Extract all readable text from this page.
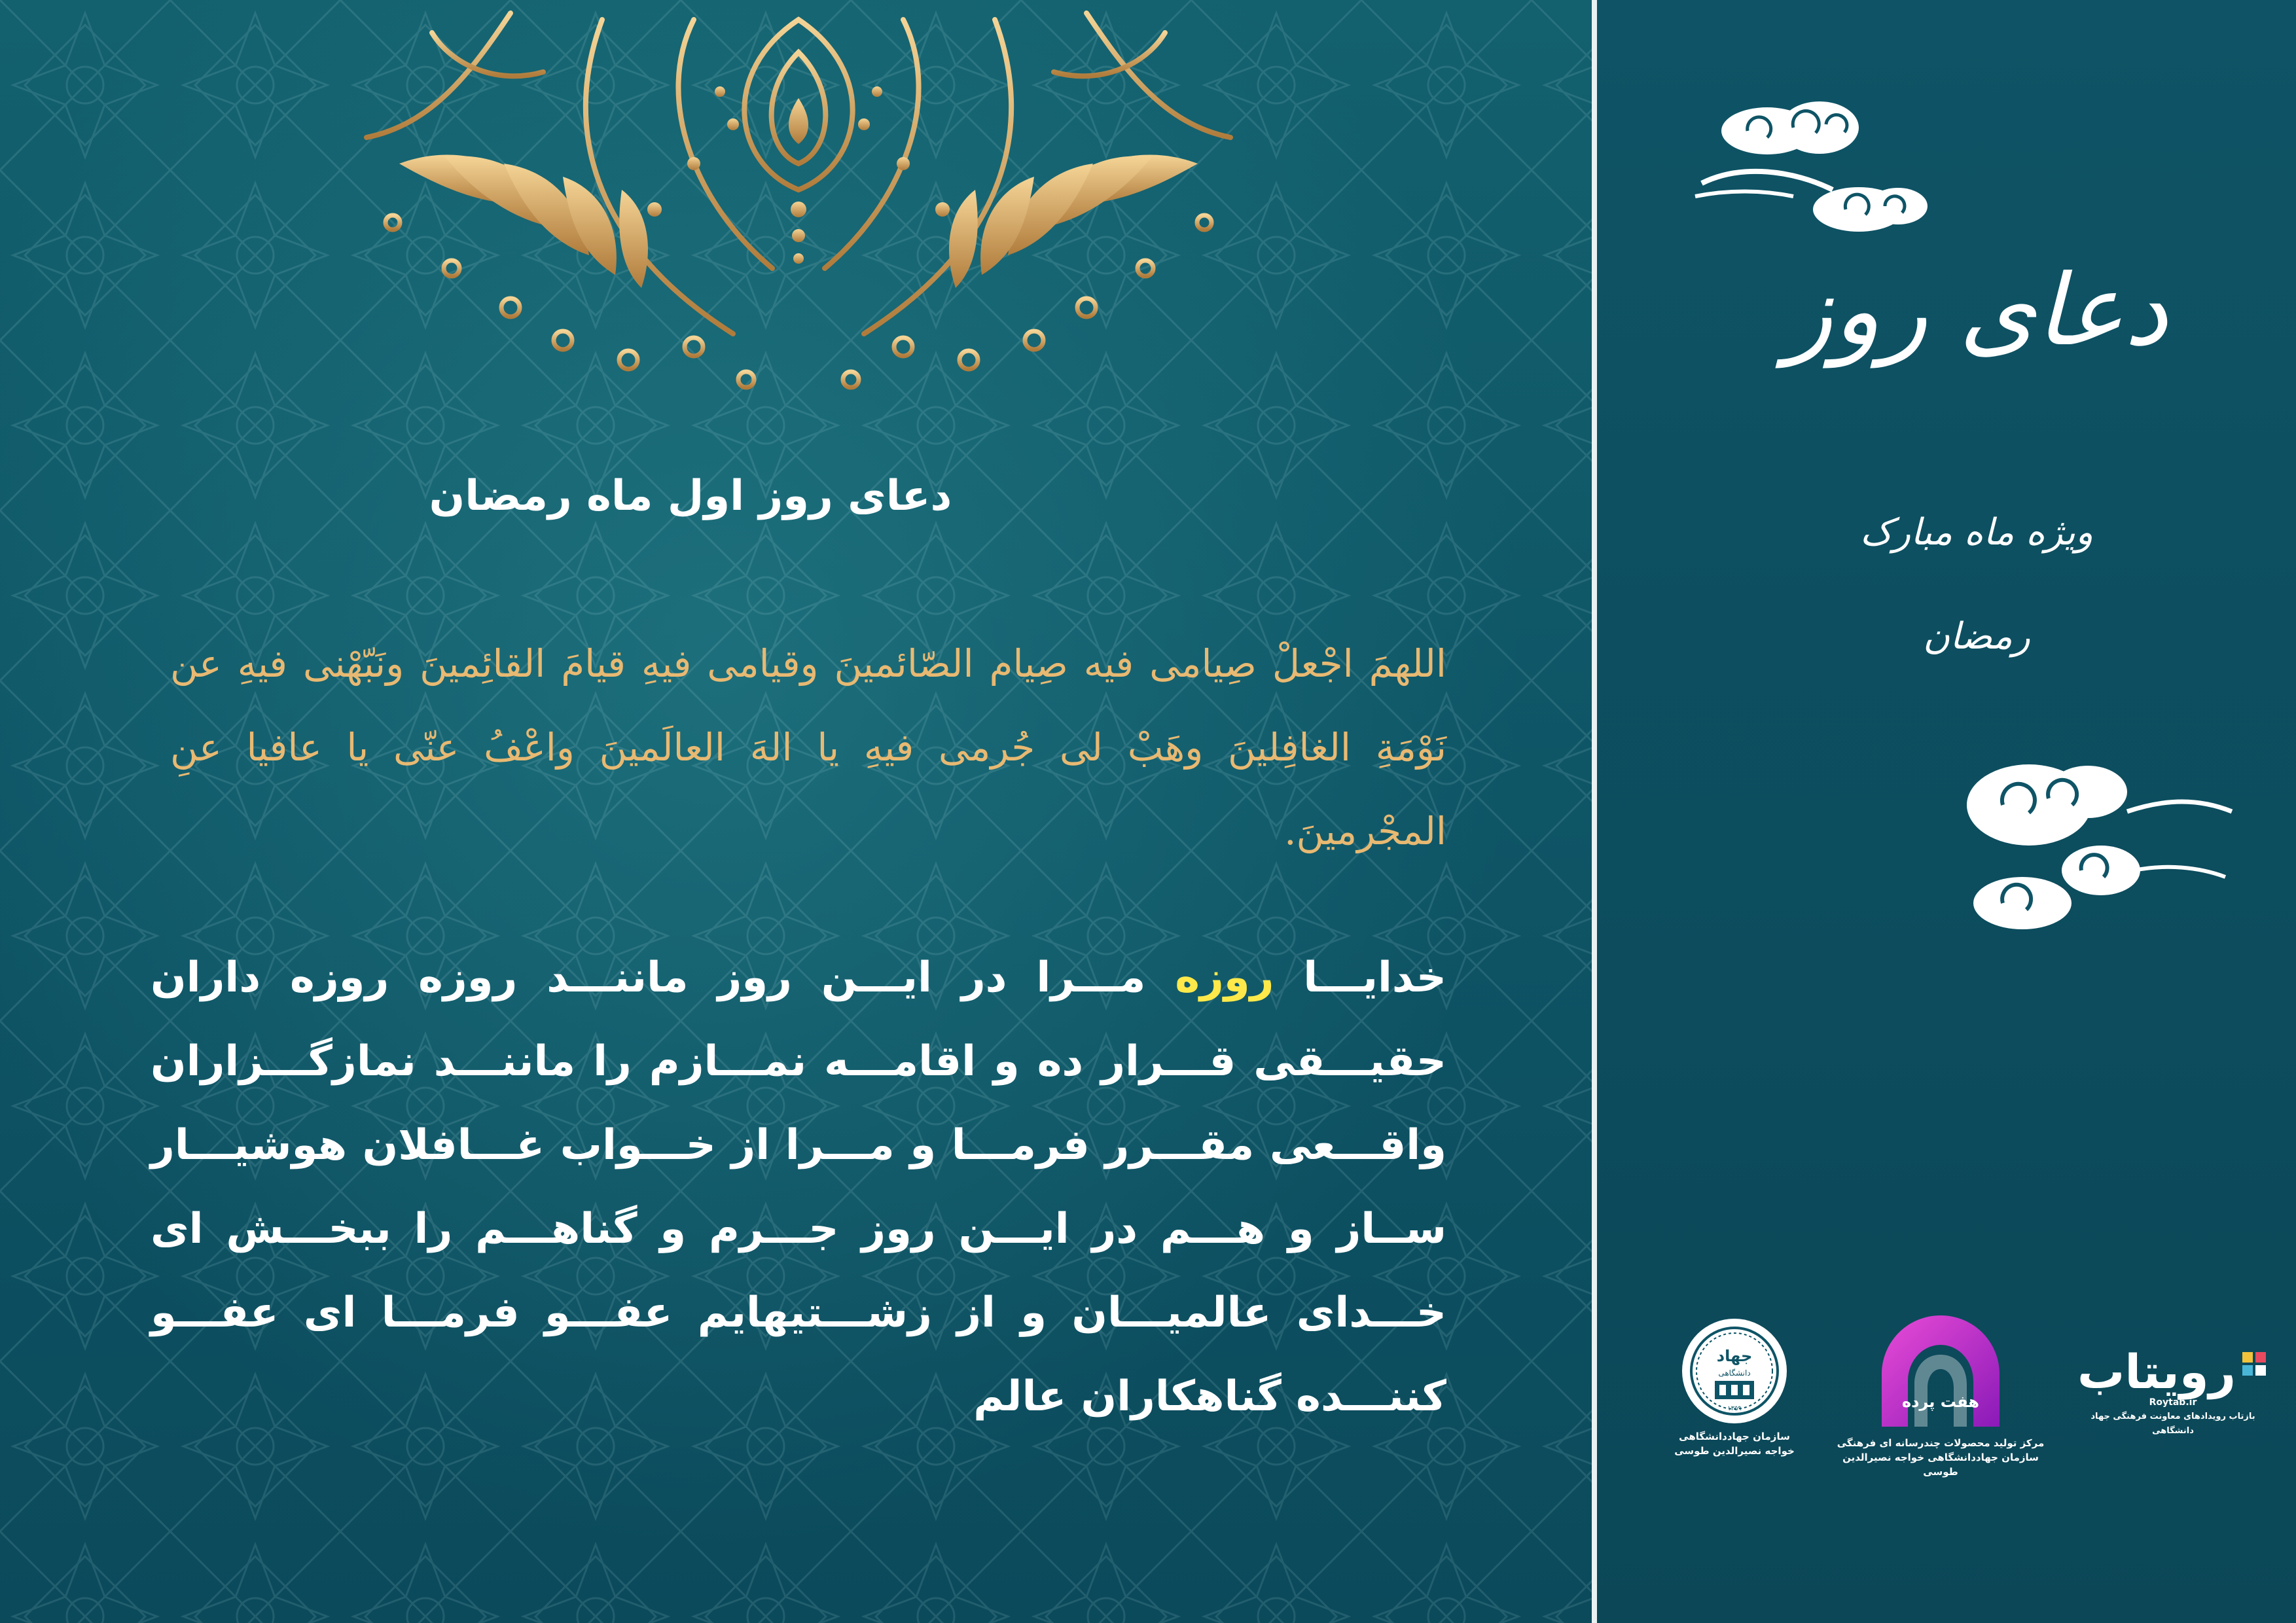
دعای روز اول ماه رمضان
اللهمَ اجْعلْ صِيامى فيه صِيام الصّائمينَ وقيامى فيهِ قيامَ القائِمينَ ونَبّهْنى فيهِ عن نَوْمَةِ الغافِلينَ وهَبْ لى جُرمى فيهِ يا الهَ العالَمينَ واعْفُ عنّى يا عافيا عنِ المجْرمينَ.
خدایـــا روزه مـــرا در ایـــن روز ماننـــد روزه روزه داران حقیـــقی قـــرار ده و اقامـــه نمـــازم را ماننـــد نمازگـــزاران واقـــعی مقـــرر فرمـــا و مـــرا از خـــواب غـــافلان هوشیـــار ســاز و هـــم در ایـــن روز جـــرم و گناهـــم را ببخـــش ای خـــدای عالمیـــان و از زشـــتیهایم عفـــو فرمـــا ای عفـــو کننـــده گناهکاران عالم
دعای روز
ویژه ماه مبارک
رمضان
جهاد
دانشگاهی
۱۳۵۹
سازمان جهاددانشگاهی
خواجه نصیرالدین طوسی
هفت پرده
مرکز تولید محصولات چندرسانه ای فرهنگی
سازمان جهاددانشگاهی خواجه نصیرالدین طوسی
رویتاب
Roytab.ir
بازتاب رویدادهای معاونت فرهنگی جهاد دانشگاهی
